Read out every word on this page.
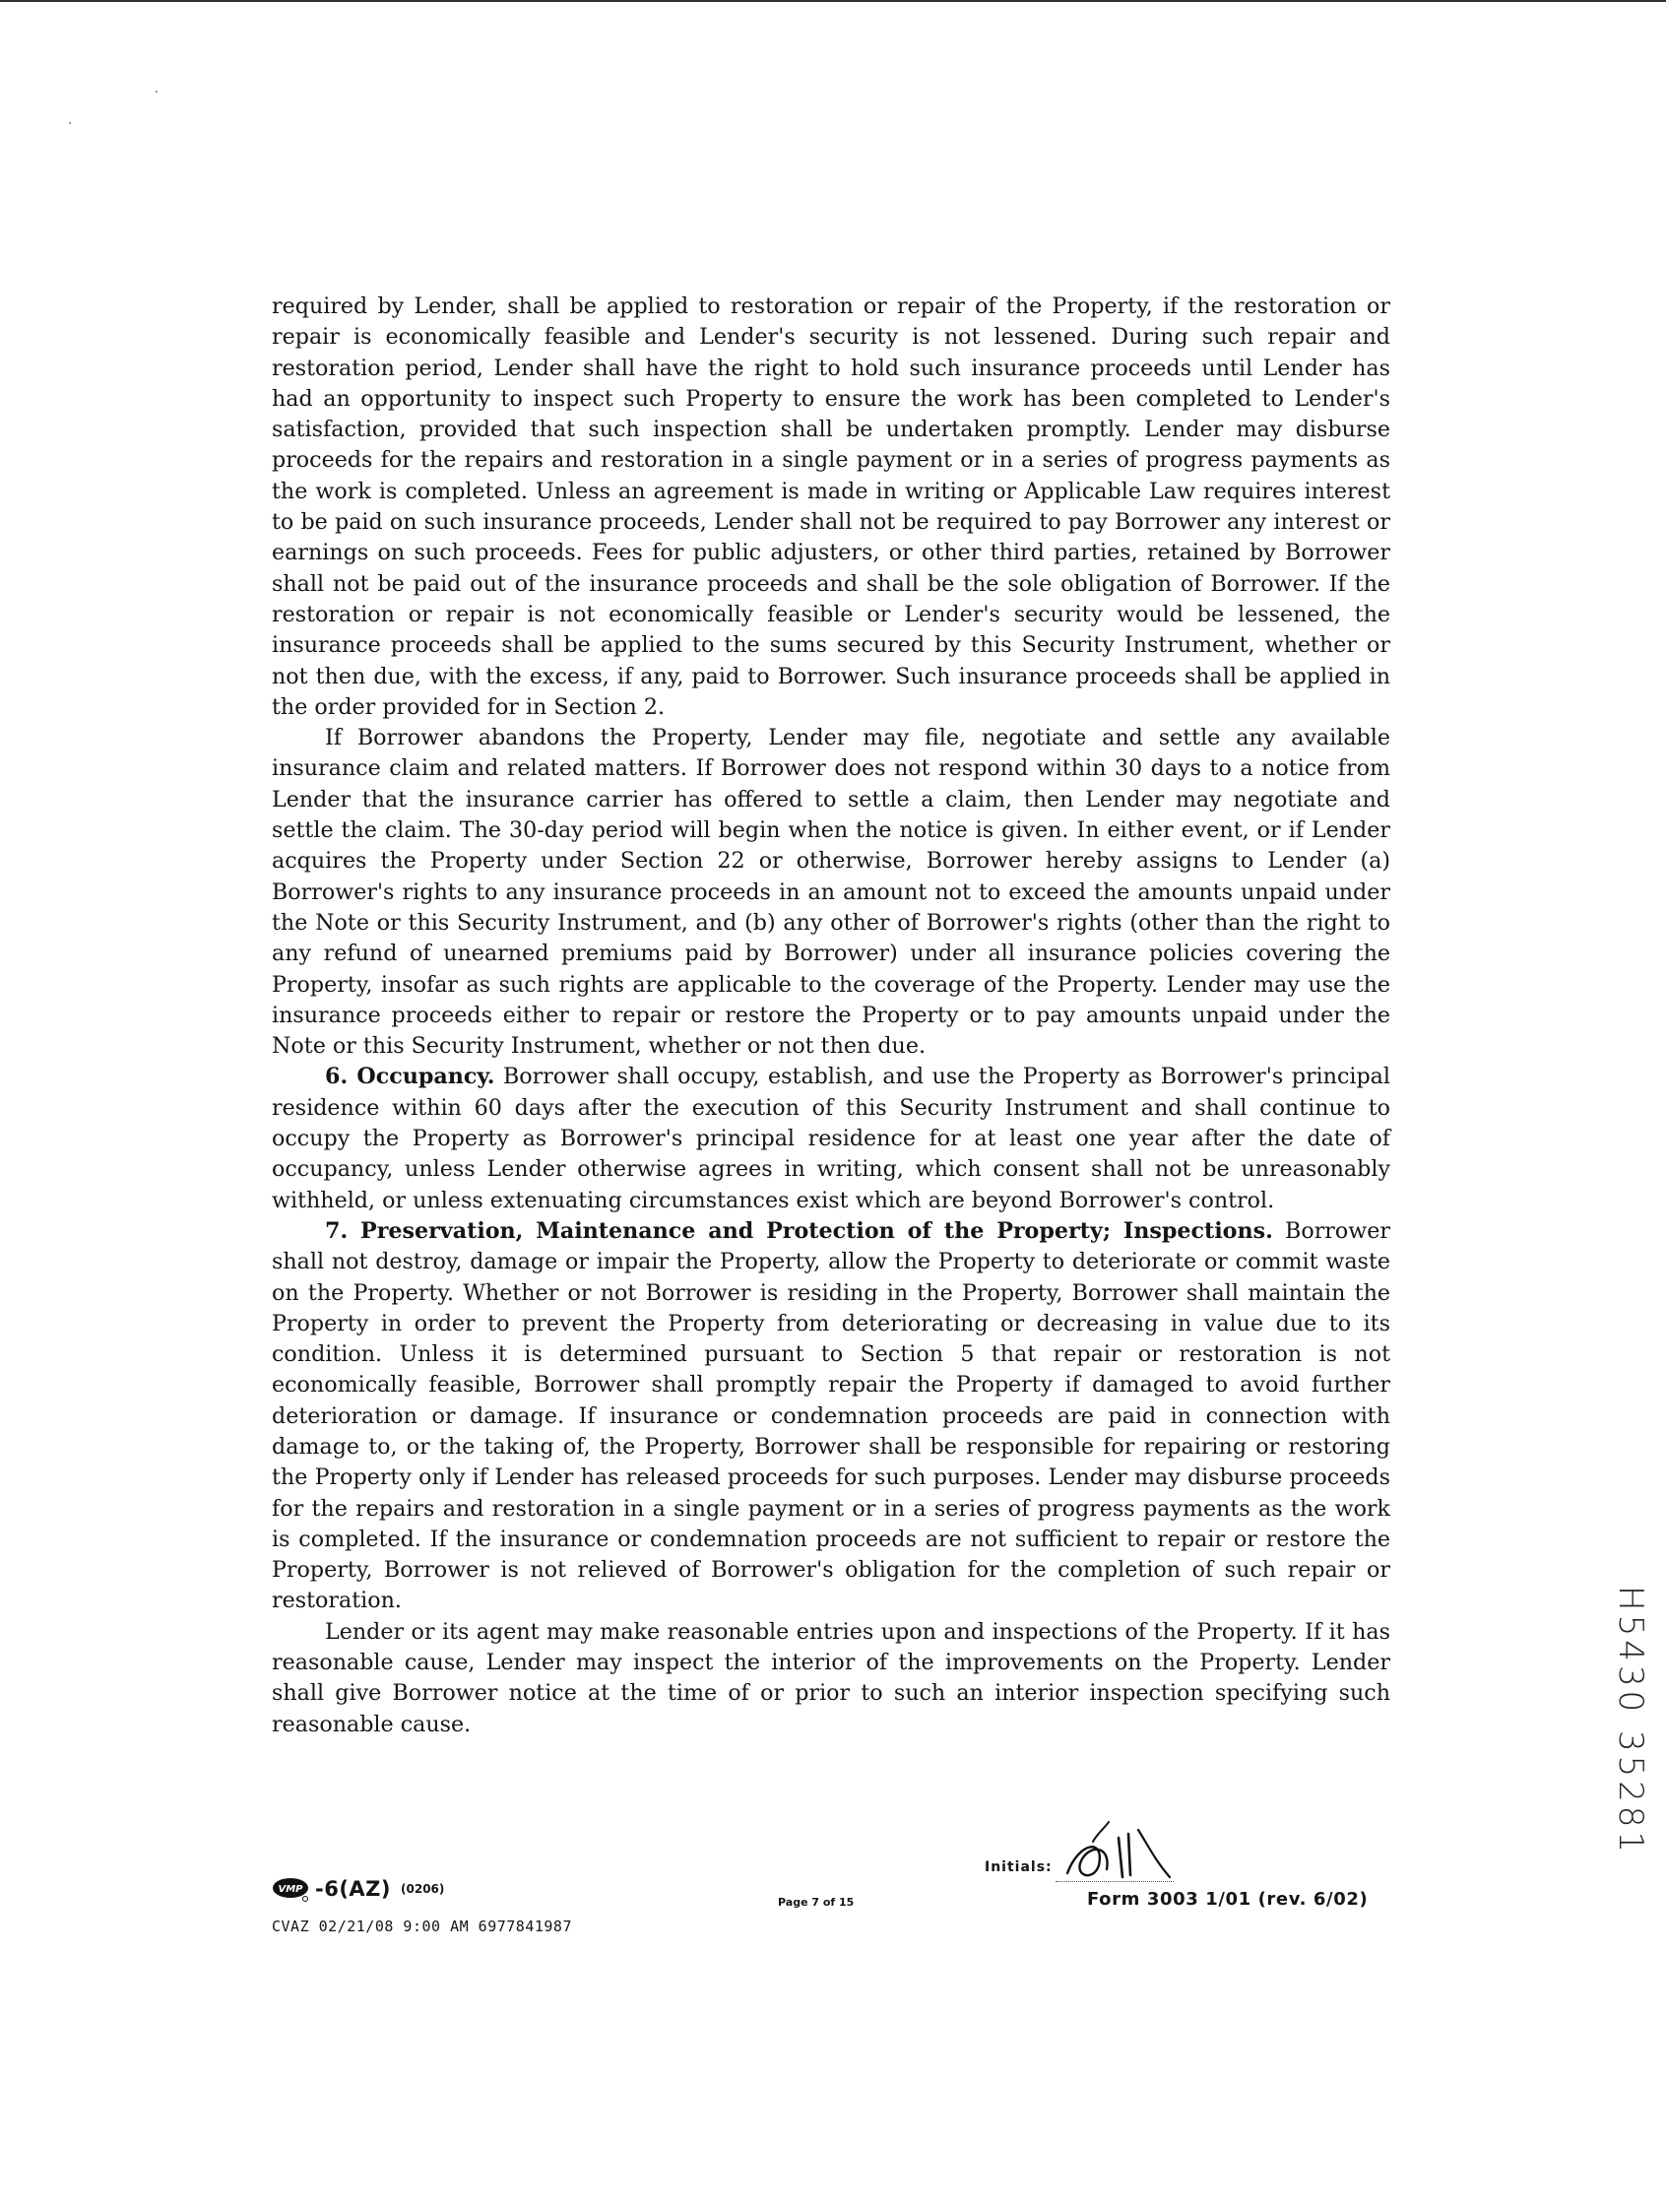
required by Lender, shall be applied to restoration or repair of the Property, if the restoration or repair is economically feasible and Lender's security is not lessened. During such repair and restoration period, Lender shall have the right to hold such insurance proceeds until Lender has had an opportunity to inspect such Property to ensure the work has been completed to Lender's satisfaction, provided that such inspection shall be undertaken promptly. Lender may disburse proceeds for the repairs and restoration in a single payment or in a series of progress payments as the work is completed. Unless an agreement is made in writing or Applicable Law requires interest to be paid on such insurance proceeds, Lender shall not be required to pay Borrower any interest or earnings on such proceeds. Fees for public adjusters, or other third parties, retained by Borrower shall not be paid out of the insurance proceeds and shall be the sole obligation of Borrower. If the restoration or repair is not economically feasible or Lender's security would be lessened, the insurance proceeds shall be applied to the sums secured by this Security Instrument, whether or not then due, with the excess, if any, paid to Borrower. Such insurance proceeds shall be applied in the order provided for in Section 2.

If Borrower abandons the Property, Lender may file, negotiate and settle any available insurance claim and related matters. If Borrower does not respond within 30 days to a notice from Lender that the insurance carrier has offered to settle a claim, then Lender may negotiate and settle the claim. The 30-day period will begin when the notice is given. In either event, or if Lender acquires the Property under Section 22 or otherwise, Borrower hereby assigns to Lender (a) Borrower's rights to any insurance proceeds in an amount not to exceed the amounts unpaid under the Note or this Security Instrument, and (b) any other of Borrower's rights (other than the right to any refund of unearned premiums paid by Borrower) under all insurance policies covering the Property, insofar as such rights are applicable to the coverage of the Property. Lender may use the insurance proceeds either to repair or restore the Property or to pay amounts unpaid under the Note or this Security Instrument, whether or not then due.

6. Occupancy. Borrower shall occupy, establish, and use the Property as Borrower's principal residence within 60 days after the execution of this Security Instrument and shall continue to occupy the Property as Borrower's principal residence for at least one year after the date of occupancy, unless Lender otherwise agrees in writing, which consent shall not be unreasonably withheld, or unless extenuating circumstances exist which are beyond Borrower's control.

7. Preservation, Maintenance and Protection of the Property; Inspections. Borrower shall not destroy, damage or impair the Property, allow the Property to deteriorate or commit waste on the Property. Whether or not Borrower is residing in the Property, Borrower shall maintain the Property in order to prevent the Property from deteriorating or decreasing in value due to its condition. Unless it is determined pursuant to Section 5 that repair or restoration is not economically feasible, Borrower shall promptly repair the Property if damaged to avoid further deterioration or damage. If insurance or condemnation proceeds are paid in connection with damage to, or the taking of, the Property, Borrower shall be responsible for repairing or restoring the Property only if Lender has released proceeds for such purposes. Lender may disburse proceeds for the repairs and restoration in a single payment or in a series of progress payments as the work is completed. If the insurance or condemnation proceeds are not sufficient to repair or restore the Property, Borrower is not relieved of Borrower's obligation for the completion of such repair or restoration.

Lender or its agent may make reasonable entries upon and inspections of the Property. If it has reasonable cause, Lender may inspect the interior of the improvements on the Property. Lender shall give Borrower notice at the time of or prior to such an interior inspection specifying such reasonable cause.

VMP -6(AZ) (0206)
CVAZ 02/21/08 9:00 AM 6977841987
Page 7 of 15
Initials:
Form 3003 1/01 (rev. 6/02)
H5430 35281
